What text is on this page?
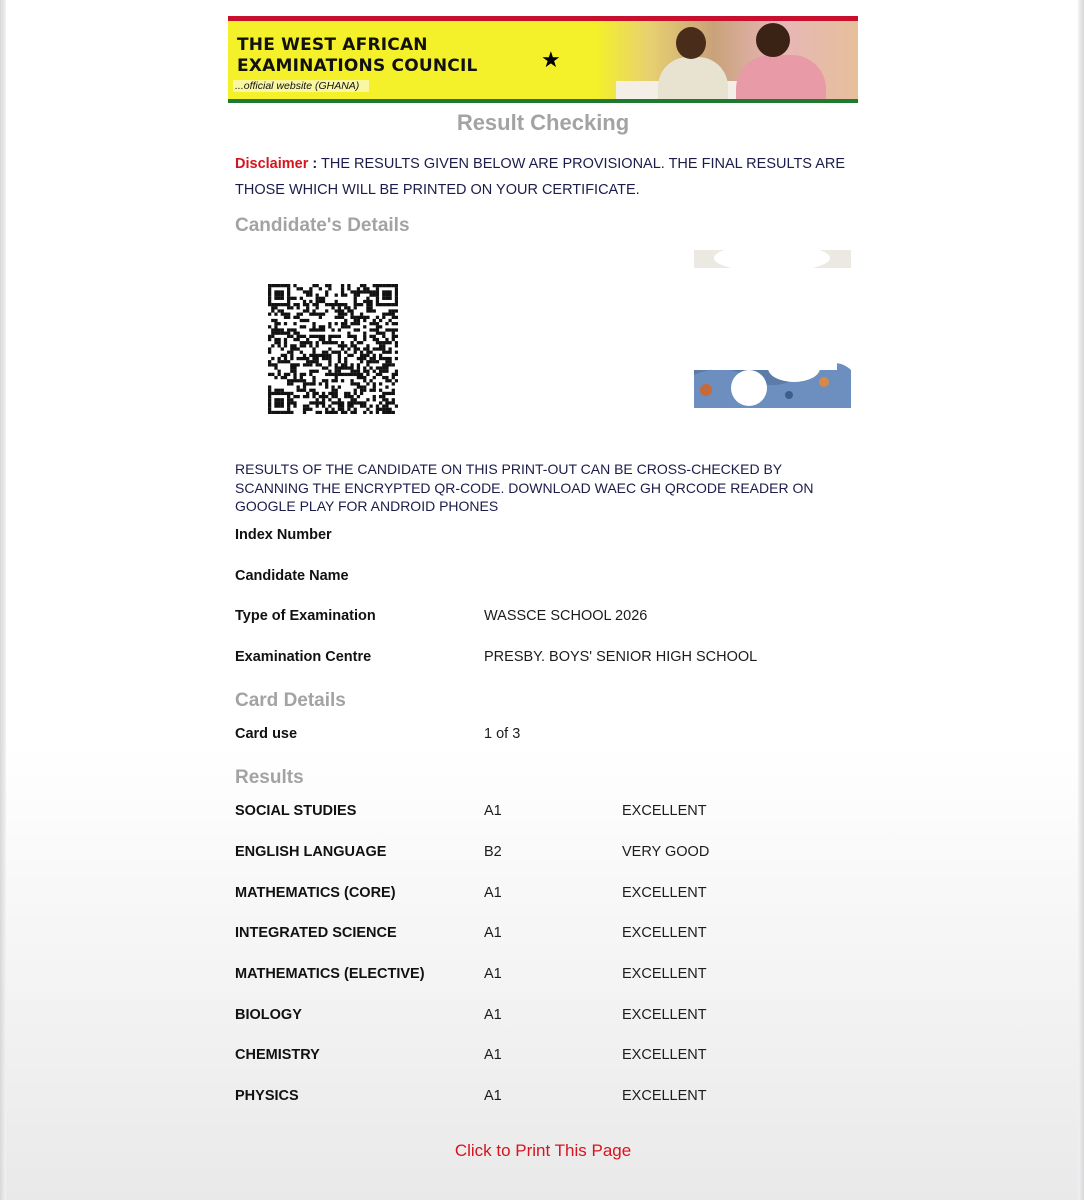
THE WEST AFRICAN
EXAMINATIONS COUNCIL
...official website (GHANA)
★
Result Checking
Disclaimer : THE RESULTS GIVEN BELOW ARE PROVISIONAL. THE FINAL RESULTS ARE THOSE WHICH WILL BE PRINTED ON YOUR CERTIFICATE.
Candidate's Details
RESULTS OF THE CANDIDATE ON THIS PRINT-OUT CAN BE CROSS-CHECKED BY SCANNING THE ENCRYPTED QR-CODE. DOWNLOAD WAEC GH QRCODE READER ON GOOGLE PLAY FOR ANDROID PHONES
Index Number
Candidate Name
Type of Examination	WASSCE SCHOOL 2026
Examination Centre	PRESBY. BOYS' SENIOR HIGH SCHOOL
Card Details
Card use	1 of 3
Results
SOCIAL STUDIES	A1	EXCELLENT
ENGLISH LANGUAGE	B2	VERY GOOD
MATHEMATICS (CORE)	A1	EXCELLENT
INTEGRATED SCIENCE	A1	EXCELLENT
MATHEMATICS (ELECTIVE)	A1	EXCELLENT
BIOLOGY	A1	EXCELLENT
CHEMISTRY	A1	EXCELLENT
PHYSICS	A1	EXCELLENT
Click to Print This Page
